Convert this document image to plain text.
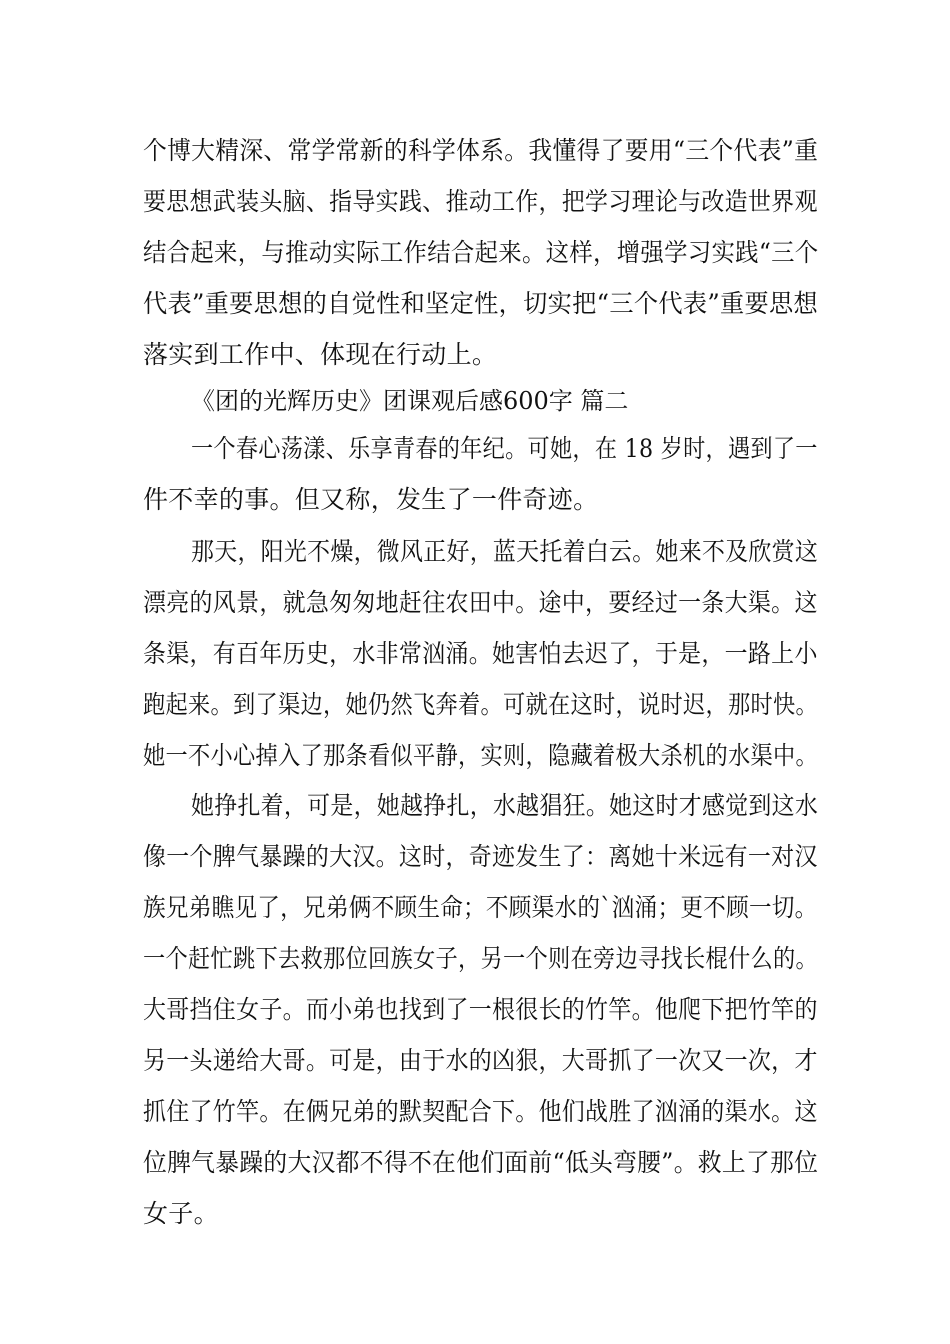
个博大精深、常学常新的科学体系。我懂得了要用“三个代表”重
要思想武装头脑、指导实践、推动工作，把学习理论与改造世界观
结合起来，与推动实际工作结合起来。这样，增强学习实践“三个
代表”重要思想的自觉性和坚定性，切实把“三个代表”重要思想
落实到工作中、体现在行动上。
《团的光辉历史》团课观后感600字 篇二
一个春心荡漾、乐享青春的年纪。可她，在 18 岁时，遇到了一
件不幸的事。但又称，发生了一件奇迹。
那天，阳光不燥，微风正好，蓝天托着白云。她来不及欣赏这
漂亮的风景，就急匆匆地赶往农田中。途中，要经过一条大渠。这
条渠，有百年历史，水非常汹涌。她害怕去迟了，于是，一路上小
跑起来。到了渠边，她仍然飞奔着。可就在这时，说时迟，那时快。
她一不小心掉入了那条看似平静，实则，隐藏着极大杀机的水渠中。
她挣扎着，可是，她越挣扎，水越猖狂。她这时才感觉到这水
像一个脾气暴躁的大汉。这时，奇迹发生了：离她十米远有一对汉
族兄弟瞧见了，兄弟俩不顾生命；不顾渠水的`汹涌；更不顾一切。
一个赶忙跳下去救那位回族女子，另一个则在旁边寻找长棍什么的。
大哥挡住女子。而小弟也找到了一根很长的竹竿。他爬下把竹竿的
另一头递给大哥。可是，由于水的凶狠，大哥抓了一次又一次，才
抓住了竹竿。在俩兄弟的默契配合下。他们战胜了汹涌的渠水。这
位脾气暴躁的大汉都不得不在他们面前“低头弯腰”。救上了那位
女子。
